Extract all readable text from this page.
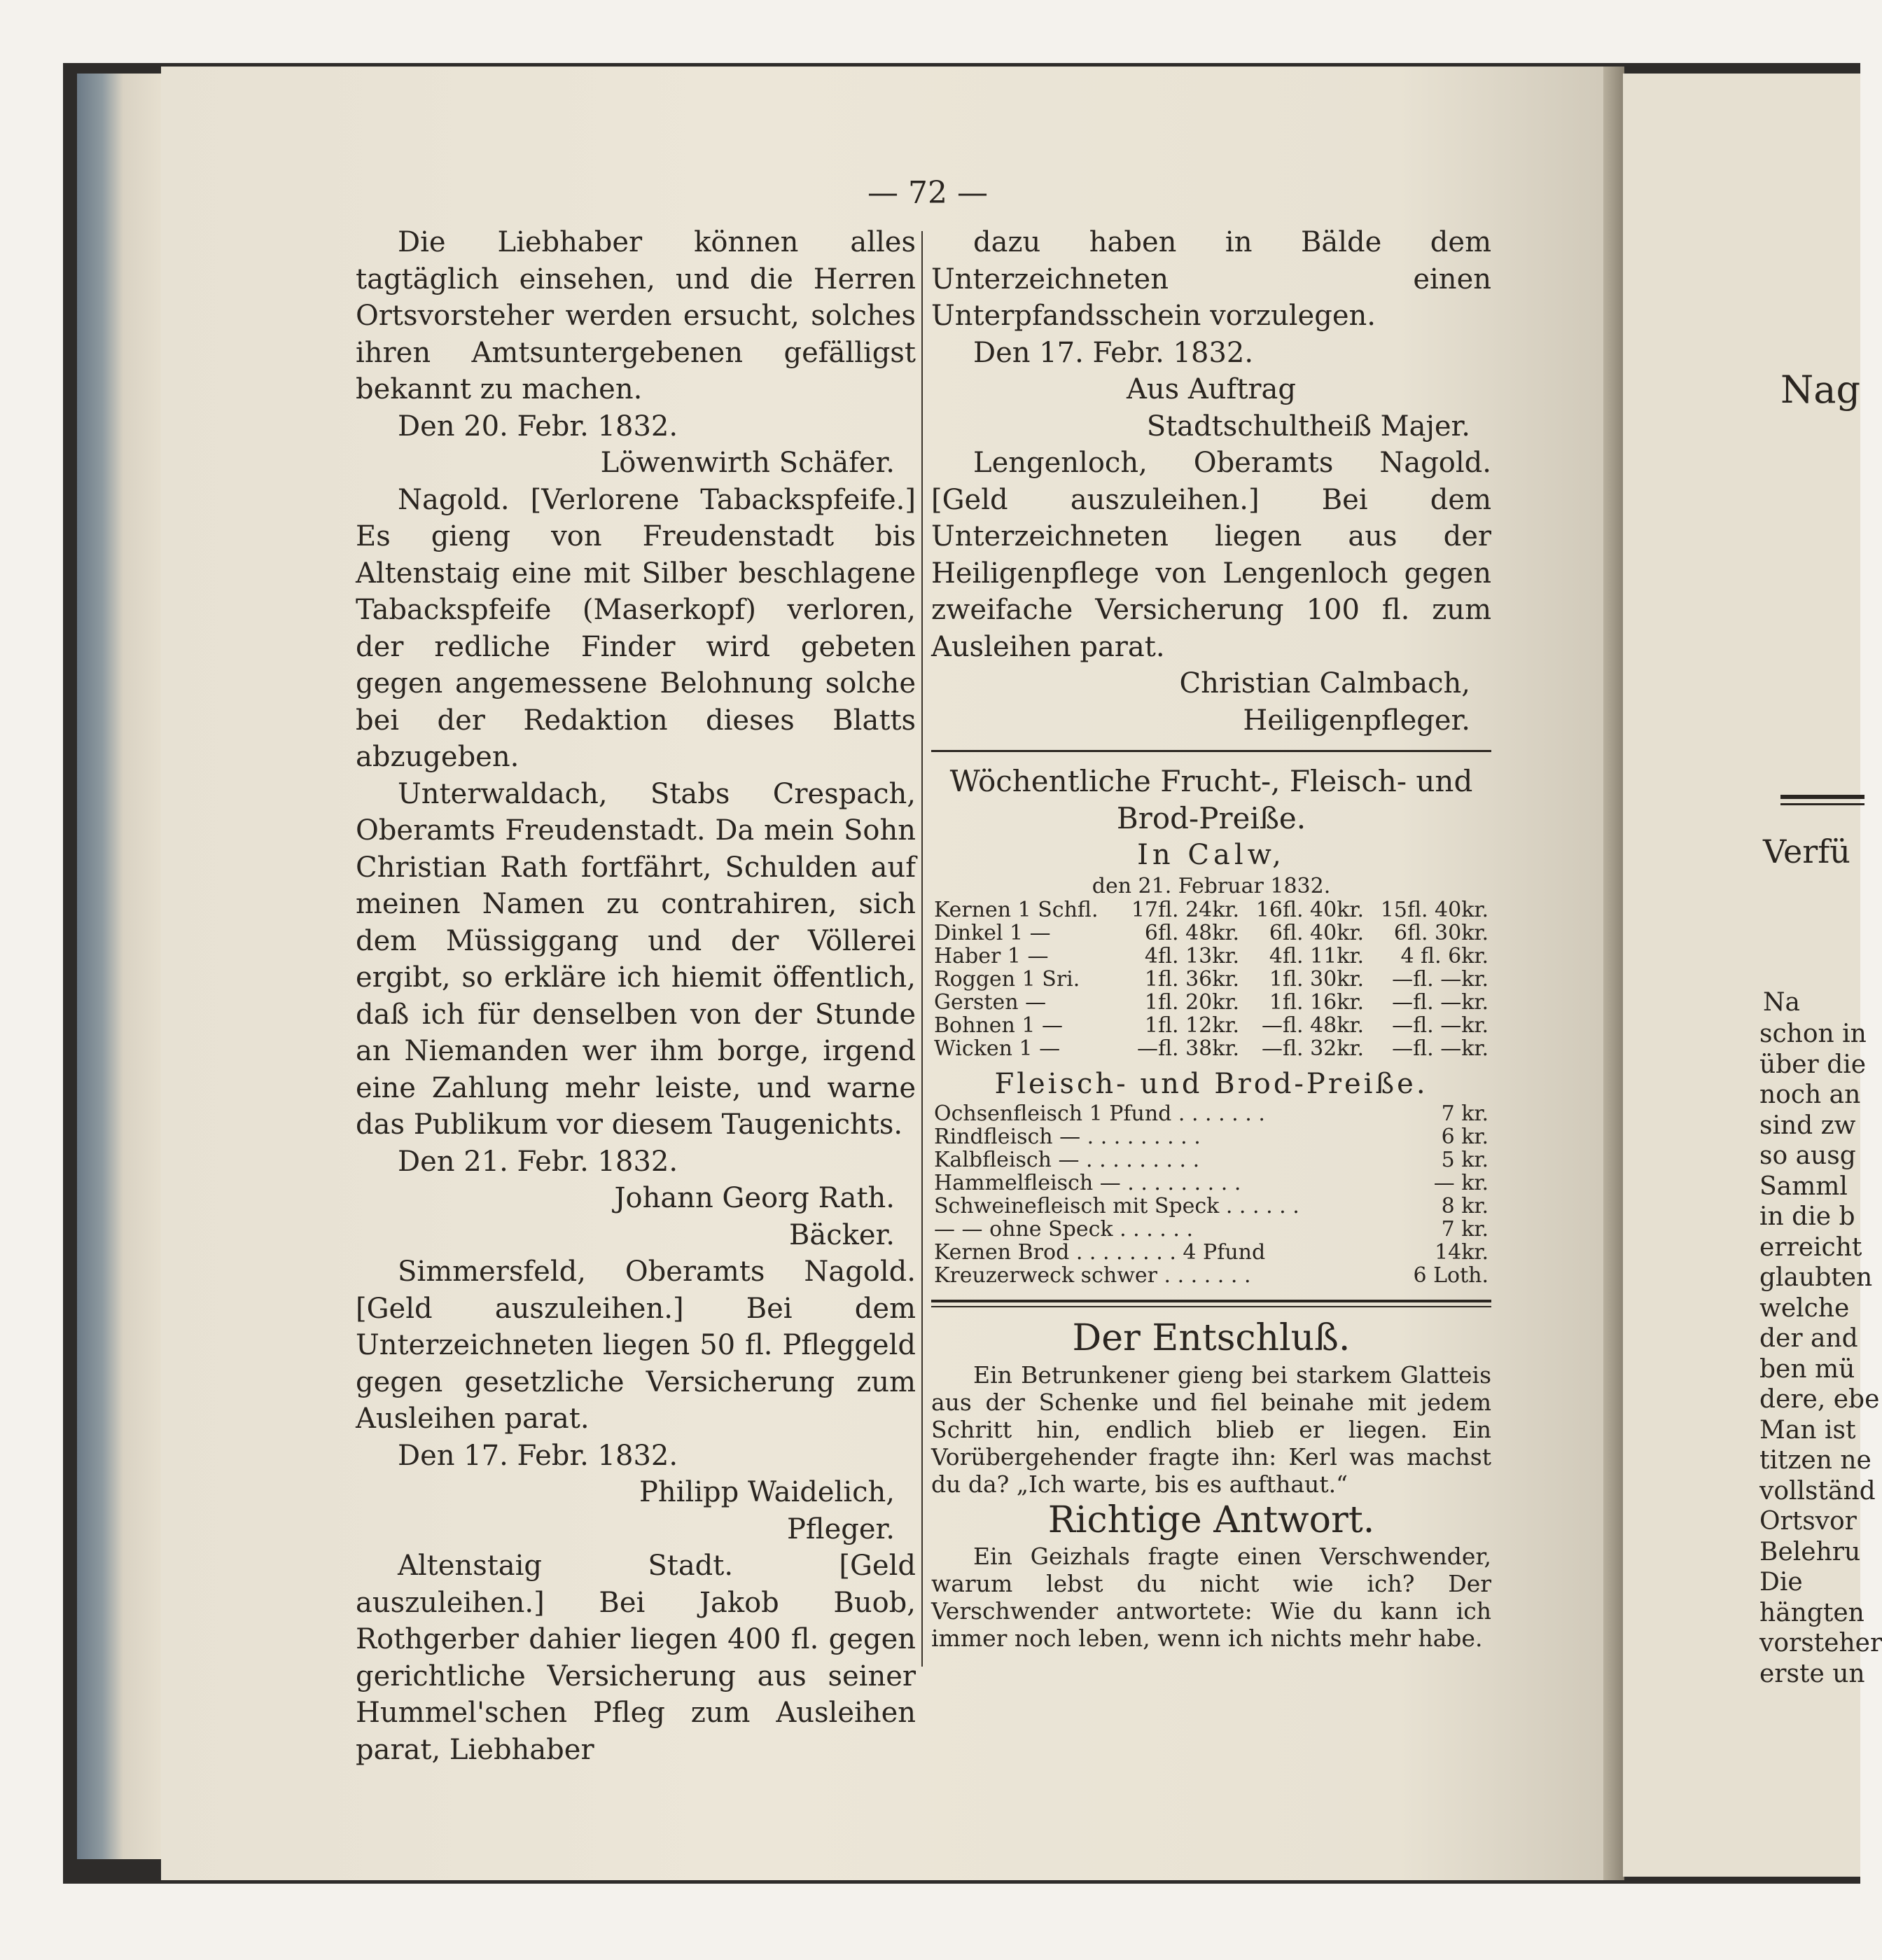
Nag
Verfü
Na
schon in
über die
noch an
sind zw
so ausg
Samml
in die b
erreicht
glaubten
welche
der and
ben mü
dere, ebe
Man ist
titzen ne
vollständ
Ortsvor
Belehru
Die
hängten
vorsteher
erste un
— 72 —

Die Liebhaber können alles tagtäglich einsehen, und die Herren Ortsvorsteher werden ersucht, solches ihren Amtsuntergebenen gefälligst bekannt zu machen.

Den 20. Febr. 1832.

Löwenwirth Schäfer.

Nagold. [Verlorene Tabackspfeife.] Es gieng von Freudenstadt bis Altenstaig eine mit Silber beschlagene Tabackspfeife (Maserkopf) verloren, der redliche Finder wird gebeten gegen angemessene Belohnung solche bei der Redaktion dieses Blatts abzugeben.

Unterwaldach, Stabs Crespach, Oberamts Freudenstadt. Da mein Sohn Christian Rath fortfährt, Schulden auf meinen Namen zu contrahiren, sich dem Müssiggang und der Völlerei ergibt, so erkläre ich hiemit öffentlich, daß ich für denselben von der Stunde an Niemanden wer ihm borge, irgend eine Zahlung mehr leiste, und warne das Publikum vor diesem Taugenichts.

Den 21. Febr. 1832.

Johann Georg Rath.

Bäcker.

Simmersfeld, Oberamts Nagold. [Geld auszuleihen.] Bei dem Unterzeichneten liegen 50 fl. Pfleggeld gegen gesetzliche Versicherung zum Ausleihen parat.

Den 17. Febr. 1832.

Philipp Waidelich,

Pfleger.

Altenstaig Stadt. [Geld auszuleihen.] Bei Jakob Buob, Rothgerber dahier liegen 400 fl. gegen gerichtliche Versicherung aus seiner Hummel'schen Pfleg zum Ausleihen parat, Liebhaber

dazu haben in Bälde dem Unterzeichneten einen Unterpfandsschein vorzulegen.

Den 17. Febr. 1832.

Aus Auftrag

Stadtschultheiß Majer.

Lengenloch, Oberamts Nagold. [Geld auszuleihen.] Bei dem Unterzeichneten liegen aus der Heiligenpflege von Lengenloch gegen zweifache Versicherung 100 fl. zum Ausleihen parat.

Christian Calmbach,

Heiligenpfleger.

Wöchentliche Frucht-, Fleisch- und Brod-Preiße.

In Calw,

den 21. Februar 1832.

Kernen 1 Schfl.	17fl. 24kr.	16fl. 40kr.	15fl. 40kr.
Dinkel 1 —	6fl. 48kr.	6fl. 40kr.	6fl. 30kr.
Haber 1 —	4fl. 13kr.	4fl. 11kr.	4 fl. 6kr.
Roggen 1 Sri.	1fl. 36kr.	1fl. 30kr.	—fl. —kr.
Gersten —	1fl. 20kr.	1fl. 16kr.	—fl. —kr.
Bohnen 1 —	1fl. 12kr.	—fl. 48kr.	—fl. —kr.
Wicken 1 —	—fl. 38kr.	—fl. 32kr.	—fl. —kr.

Fleisch- und Brod-Preiße.

Ochsenfleisch 1 Pfund . . . . . . .	7 kr.
Rindfleisch — . . . . . . . . .	6 kr.
Kalbfleisch — . . . . . . . . .	5 kr.
Hammelfleisch — . . . . . . . . .	— kr.
Schweinefleisch mit Speck . . . . . .	8 kr.
— — ohne Speck . . . . . .	7 kr.
Kernen Brod . . . . . . . . 4 Pfund	14kr.
Kreuzerweck schwer . . . . . . .	6 Loth.

Der Entschluß.

Ein Betrunkener gieng bei starkem Glatteis aus der Schenke und fiel beinahe mit jedem Schritt hin, endlich blieb er liegen. Ein Vorübergehender fragte ihn: Kerl was machst du da? „Ich warte, bis es aufthaut.“

Richtige Antwort.

Ein Geizhals fragte einen Verschwender, warum lebst du nicht wie ich? Der Verschwender antwortete: Wie du kann ich immer noch leben, wenn ich nichts mehr habe.
